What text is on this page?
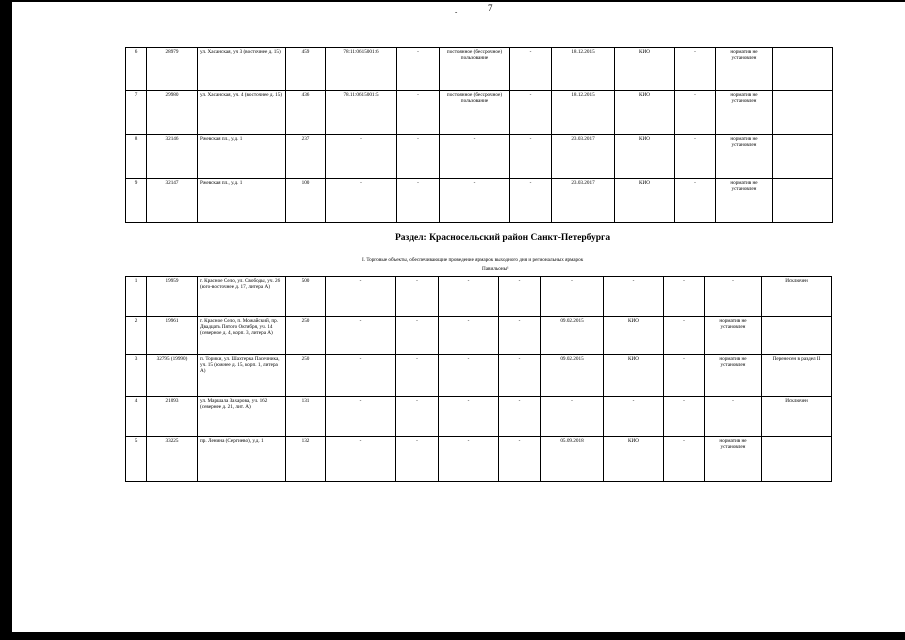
-	7
6	28979	ул. Хасанская, уч 3 (восточнее д. 15)	459	78:11:0615001:6	-	постоянное (бессрочное) пользование	-	18.12.2015	КИО	-	норматив не установлен	
7	29980	ул. Хасанская, уч. 4 (восточнее д. 15)	436	78.11:0615001:5	-	постоянное (бессрочное) пользование	-	18.12.2015	КИО	-	норматив не установлен	
8	32146	Ржевская пл., у.д. 1	237	-	-	-	-	23.03.2017	КИО	-	норматив не установлен	
9	32147	Ржевская пл., у.д. 1	100	-	-	-	-	23.03.2017	КИО	-	норматив не установлен	
Раздел: Красносельский район Санкт-Петербурга
I. Торговые объекты, обеспечивающие проведение ярмарок выходного дня и региональных ярмарок
Павильоны¹
1	19959	г. Красное Село, ул. Свободы, уч. 26 (юго-восточнее д. 17, литера А)	500	-	-	-	-	-	-	-	-	Исключен
2	19961	г. Красное Село, п. Можайский, пр. Двадцать Пятого Октября, уч. 14 (северное д. 4, корп. 3, литера А)	250	-	-	-	-	09.02.2015	КИО	-	норматив не установлен	
3	32795 (19990)	п. Торики, ул. Шахтерка Пасечника, уч. 15 (южнее д. 15, корп. 1, литера А)	250	-	-	-	-	09.02.2015	КИО	-	норматив не установлен	Перенесен в раздел II
4	21093	ул. Маршала Захарова, уч. 162 (севернее д. 21, лит. А)	131	-	-	-	-	-	-	-	-	Исключен
5	33225	пр. Ленина (Сергиево), у.д. 1	132	-	-	-	-	05.09.2018	КИО	-	норматив не установлен	
